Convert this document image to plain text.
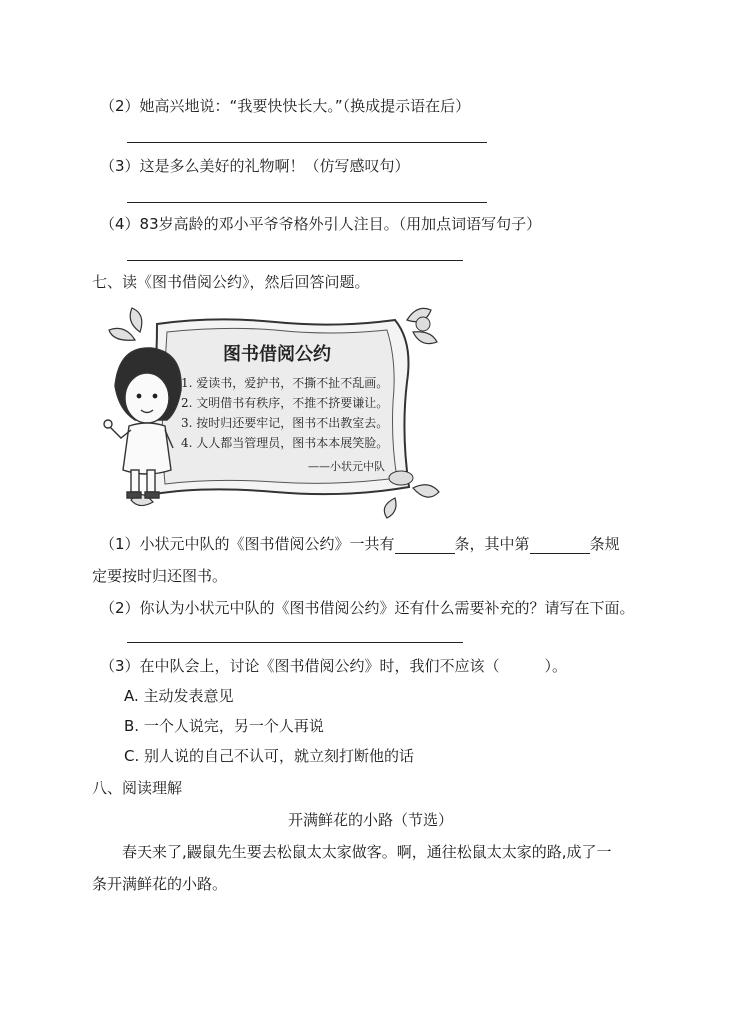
（2）她高兴地说：“我要快快长大。”（换成提示语在后）
（3）这是多么美好的礼物啊！（仿写感叹句）
（4）83岁高龄的邓小平爷爷格外引人注目。（用加点词语写句子）
七、读《图书借阅公约》，然后回答问题。
图书借阅公约
1. 爱读书，爱护书，不撕不扯不乱画。
2. 文明借书有秩序，不推不挤要谦让。
3. 按时归还要牢记，图书不出教室去。
4. 人人都当管理员，图书本本展笑脸。
——小状元中队
（1）小状元中队的《图书借阅公约》一共有	条，其中第	条规
定要按时归还图书。
（2）你认为小状元中队的《图书借阅公约》还有什么需要补充的？请写在下面。
（3）在中队会上，讨论《图书借阅公约》时，我们不应该（　　　）。
A. 主动发表意见
B. 一个人说完，另一个人再说
C. 别人说的自己不认可，就立刻打断他的话
八、阅读理解
开满鲜花的小路（节选）
春天来了,鼹鼠先生要去松鼠太太家做客。啊，通往松鼠太太家的路,成了一
条开满鲜花的小路。
